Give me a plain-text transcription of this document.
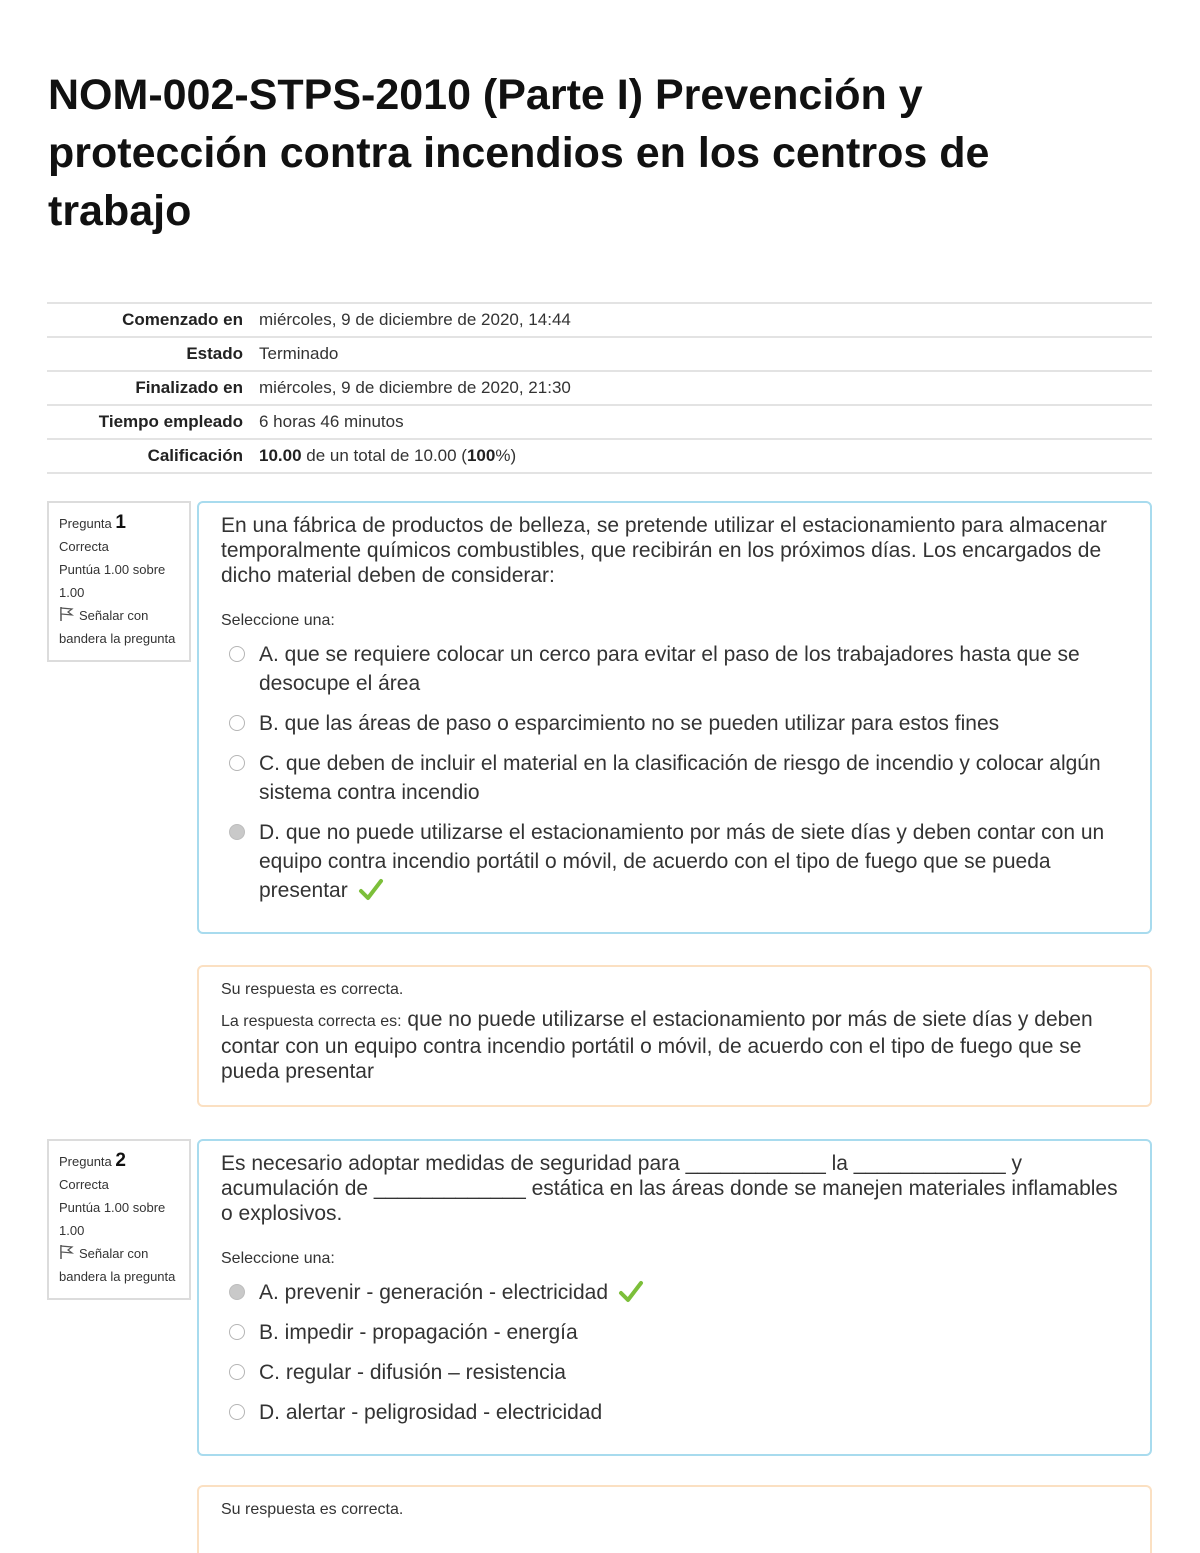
NOM-002-STPS-2010 (Parte I) Prevención y protección contra incendios en los centros de trabajo
Comenzado en	miércoles, 9 de diciembre de 2020, 14:44
Estado	Terminado
Finalizado en	miércoles, 9 de diciembre de 2020, 21:30
Tiempo empleado	6 horas 46 minutos
Calificación	10.00 de un total de 10.00 (100%)
Pregunta 1
Correcta
Puntúa 1.00 sobre 1.00
Señalar con bandera la pregunta

En una fábrica de productos de belleza, se pretende utilizar el estacionamiento para almacenar temporalmente químicos combustibles, que recibirán en los próximos días. Los encargados de dicho material deben de considerar:

Seleccione una:
A. que se requiere colocar un cerco para evitar el paso de los trabajadores hasta que se desocupe el área
B. que las áreas de paso o esparcimiento no se pueden utilizar para estos fines
C. que deben de incluir el material en la clasificación de riesgo de incendio y colocar algún sistema contra incendio
D. que no puede utilizarse el estacionamiento por más de siete días y deben contar con un equipo contra incendio portátil o móvil, de acuerdo con el tipo de fuego que se pueda presentar
Su respuesta es correcta.
La respuesta correcta es: que no puede utilizarse el estacionamiento por más de siete días y deben contar con un equipo contra incendio portátil o móvil, de acuerdo con el tipo de fuego que se pueda presentar
Pregunta 2
Correcta
Puntúa 1.00 sobre 1.00
Señalar con bandera la pregunta

Es necesario adoptar medidas de seguridad para ____________ la _____________ y acumulación de _____________ estática en las áreas donde se manejen materiales inflamables o explosivos.

Seleccione una:
A. prevenir - generación - electricidad
B. impedir - propagación - energía
C. regular - difusión – resistencia
D. alertar - peligrosidad - electricidad
Su respuesta es correcta.
